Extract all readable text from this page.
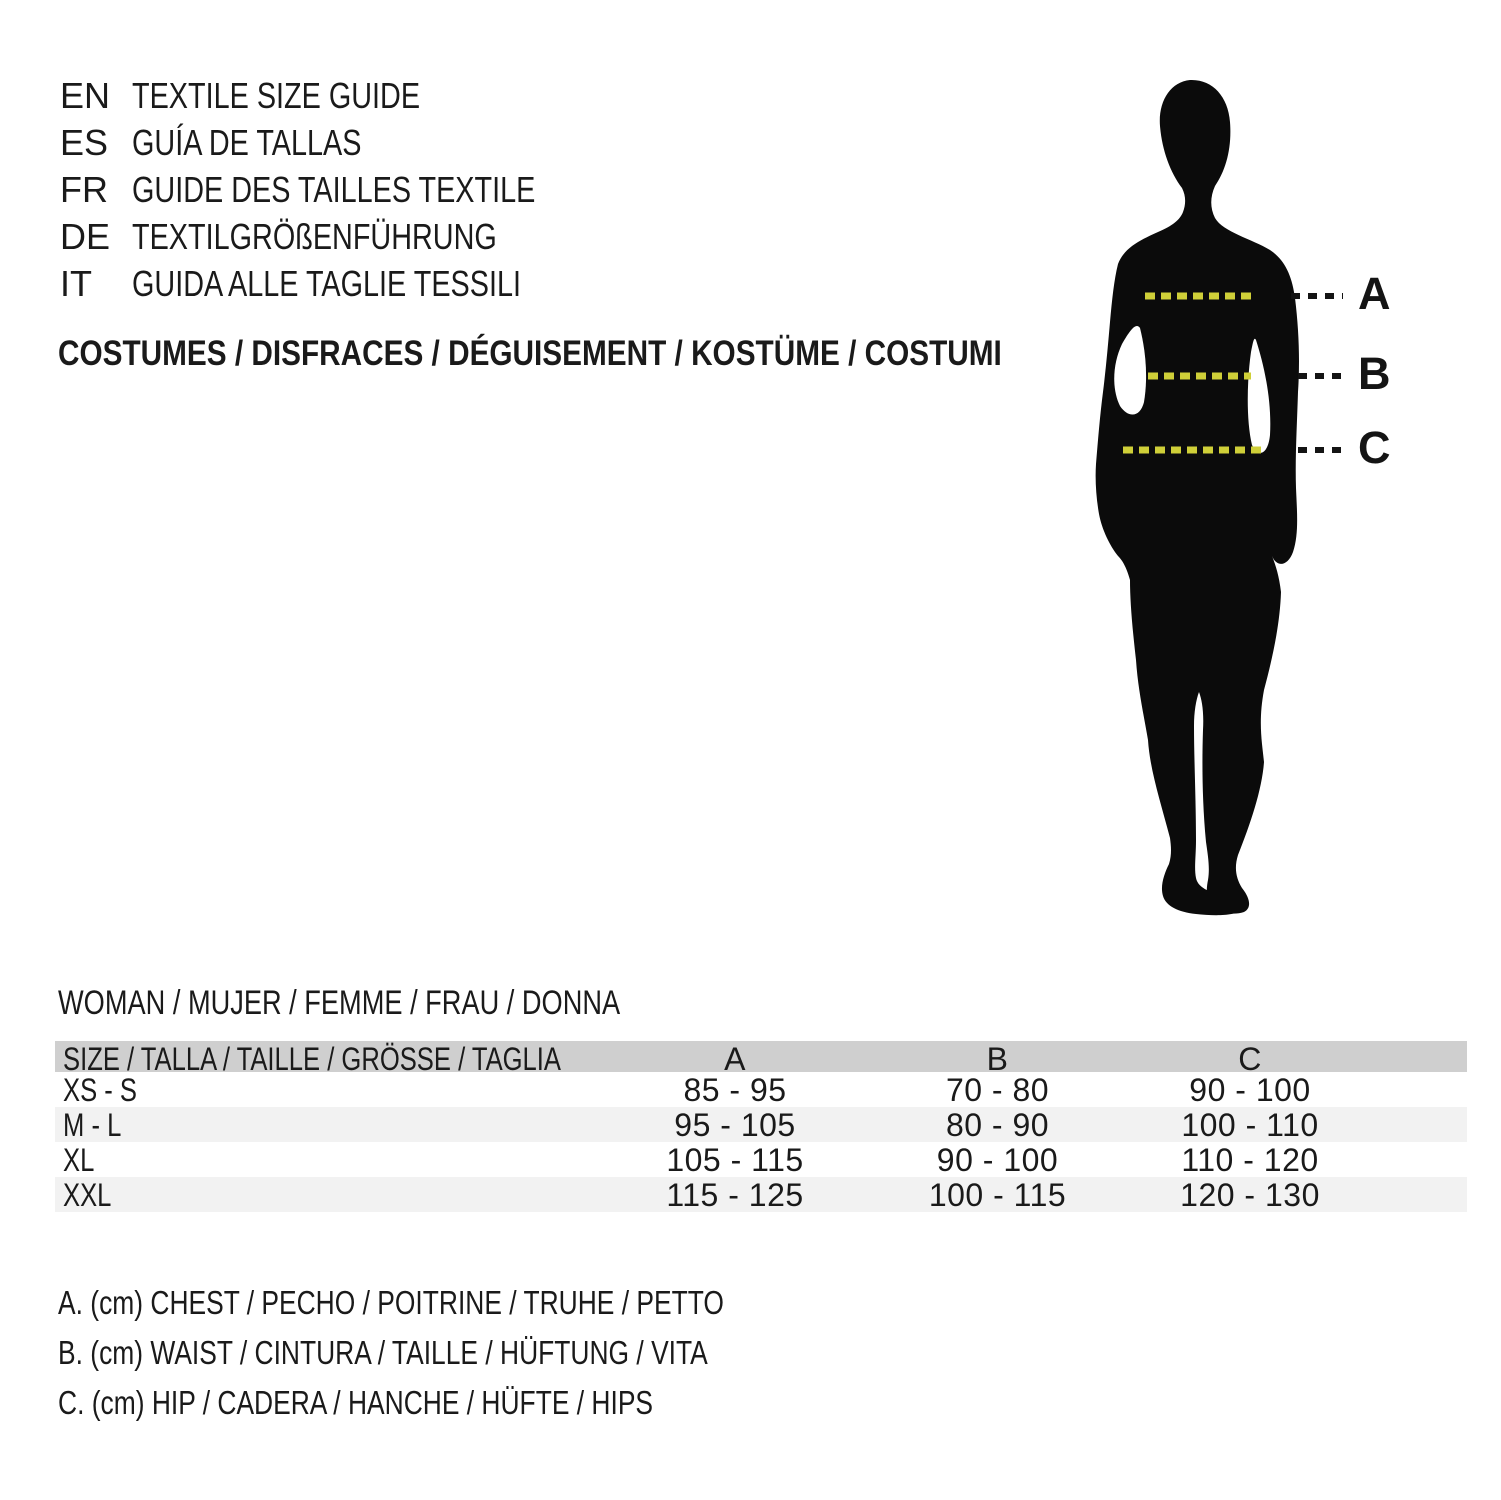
EN TEXTILE SIZE GUIDE
ES GUÍA DE TALLAS
FR GUIDE DES TAILLES TEXTILE
DE TEXTILGRÖßENFÜHRUNG
IT	GUIDA ALLE TAGLIE TESSILI
COSTUMES / DISFRACES / DÉGUISEMENT / KOSTÜME / COSTUMI
A
B
C
WOMAN / MUJER / FEMME / FRAU / DONNA
SIZE / TALLA / TAILLE / GRÖSSE / TAGLIA	A	B	C
XS - S	85 - 95	70 - 80	90 - 100
M - L	95 - 105	80 - 90	100 - 110
XL	105 - 115	90 - 100	110 - 120
XXL	115 - 125	100 - 115	120 - 130
A. (cm) CHEST / PECHO / POITRINE / TRUHE / PETTO
B. (cm) WAIST / CINTURA / TAILLE / HÜFTUNG / VITA
C. (cm) HIP / CADERA / HANCHE / HÜFTE / HIPS
